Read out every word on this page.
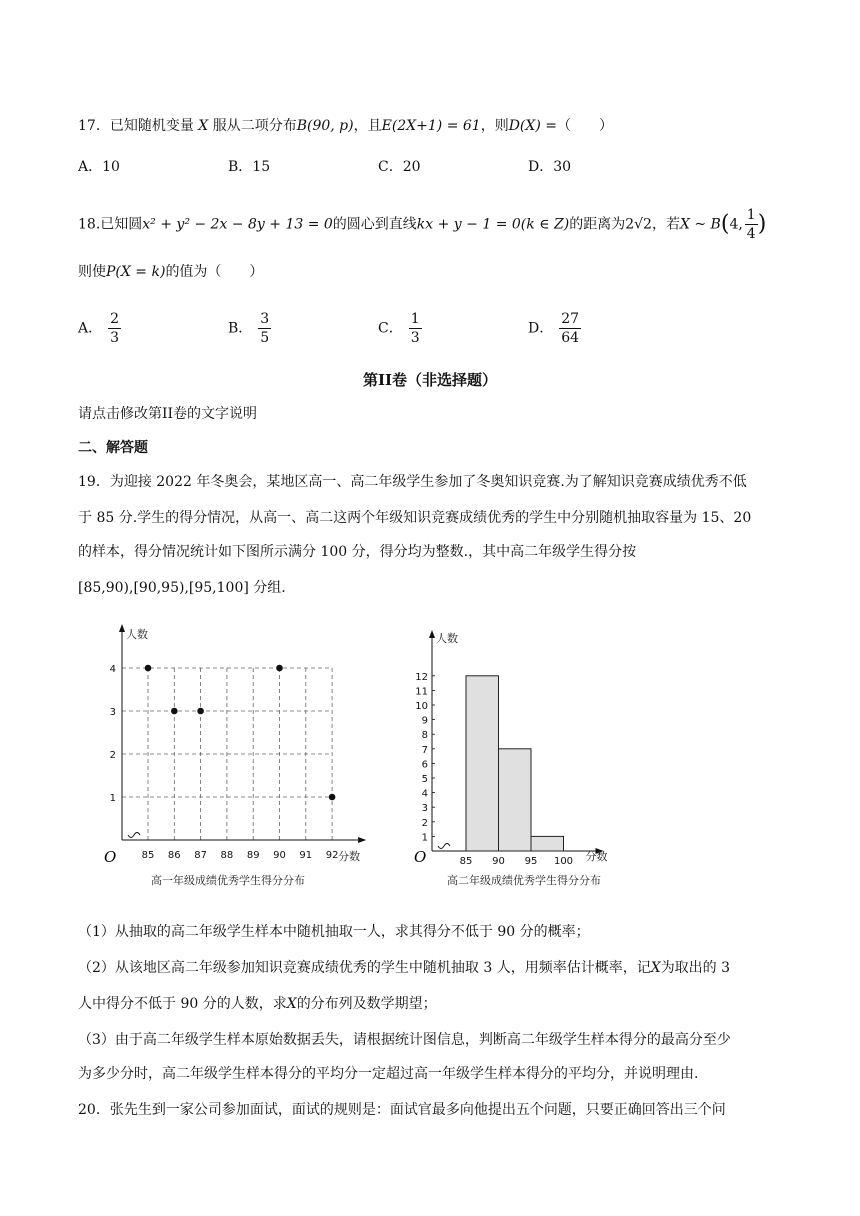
17．已知随机变量 X 服从二项分布B(90, p)，且E(2X+1) = 61，则D(X) =（　　）
A．10	B．15	C．20	D．30
18.已知圆x² + y² − 2x − 8y + 13 = 0的圆心到直线kx + y − 1 = 0(k ∈ Z)的距离为2√2，若X ~ B(4, $\frac{1}{4}$ )
则使P(X = k)的值为（　　）
A． $\frac{2}{3}$	B． $\frac{3}{5}$	C． $\frac{1}{3}$	D． $\frac{27}{64}$
第II卷（非选择题）
请点击修改第II卷的文字说明
二、解答题
19．为迎接 2022 年冬奥会，某地区高一、高二年级学生参加了冬奥知识竞赛.为了解知识竞赛成绩优秀不低
于 85 分.学生的得分情况，从高一、高二这两个年级知识竞赛成绩优秀的学生中分别随机抽取容量为 15、20
的样本，得分情况统计如下图所示满分 100 分，得分均为整数.，其中高二年级学生得分按
[85,90),[90,95),[95,100] 分组.
人数
分数
O	85 86 87 88 89 90 91 92
1
2
3
4
高一年级成绩优秀学生得分分布
人数
分数
O
1
2
3
4
5
6
7
8
9
10
11
12
85 90 95 100
高二年级成绩优秀学生得分分布
（1）从抽取的高二年级学生样本中随机抽取一人，求其得分不低于 90 分的概率；
（2）从该地区高二年级参加知识竞赛成绩优秀的学生中随机抽取 3 人，用频率估计概率，记X为取出的 3
人中得分不低于 90 分的人数，求X的分布列及数学期望；
（3）由于高二年级学生样本原始数据丢失，请根据统计图信息，判断高二年级学生样本得分的最高分至少
为多少分时，高二年级学生样本得分的平均分一定超过高一年级学生样本得分的平均分，并说明理由.
20．张先生到一家公司参加面试，面试的规则是：面试官最多向他提出五个问题，只要正确回答出三个问
